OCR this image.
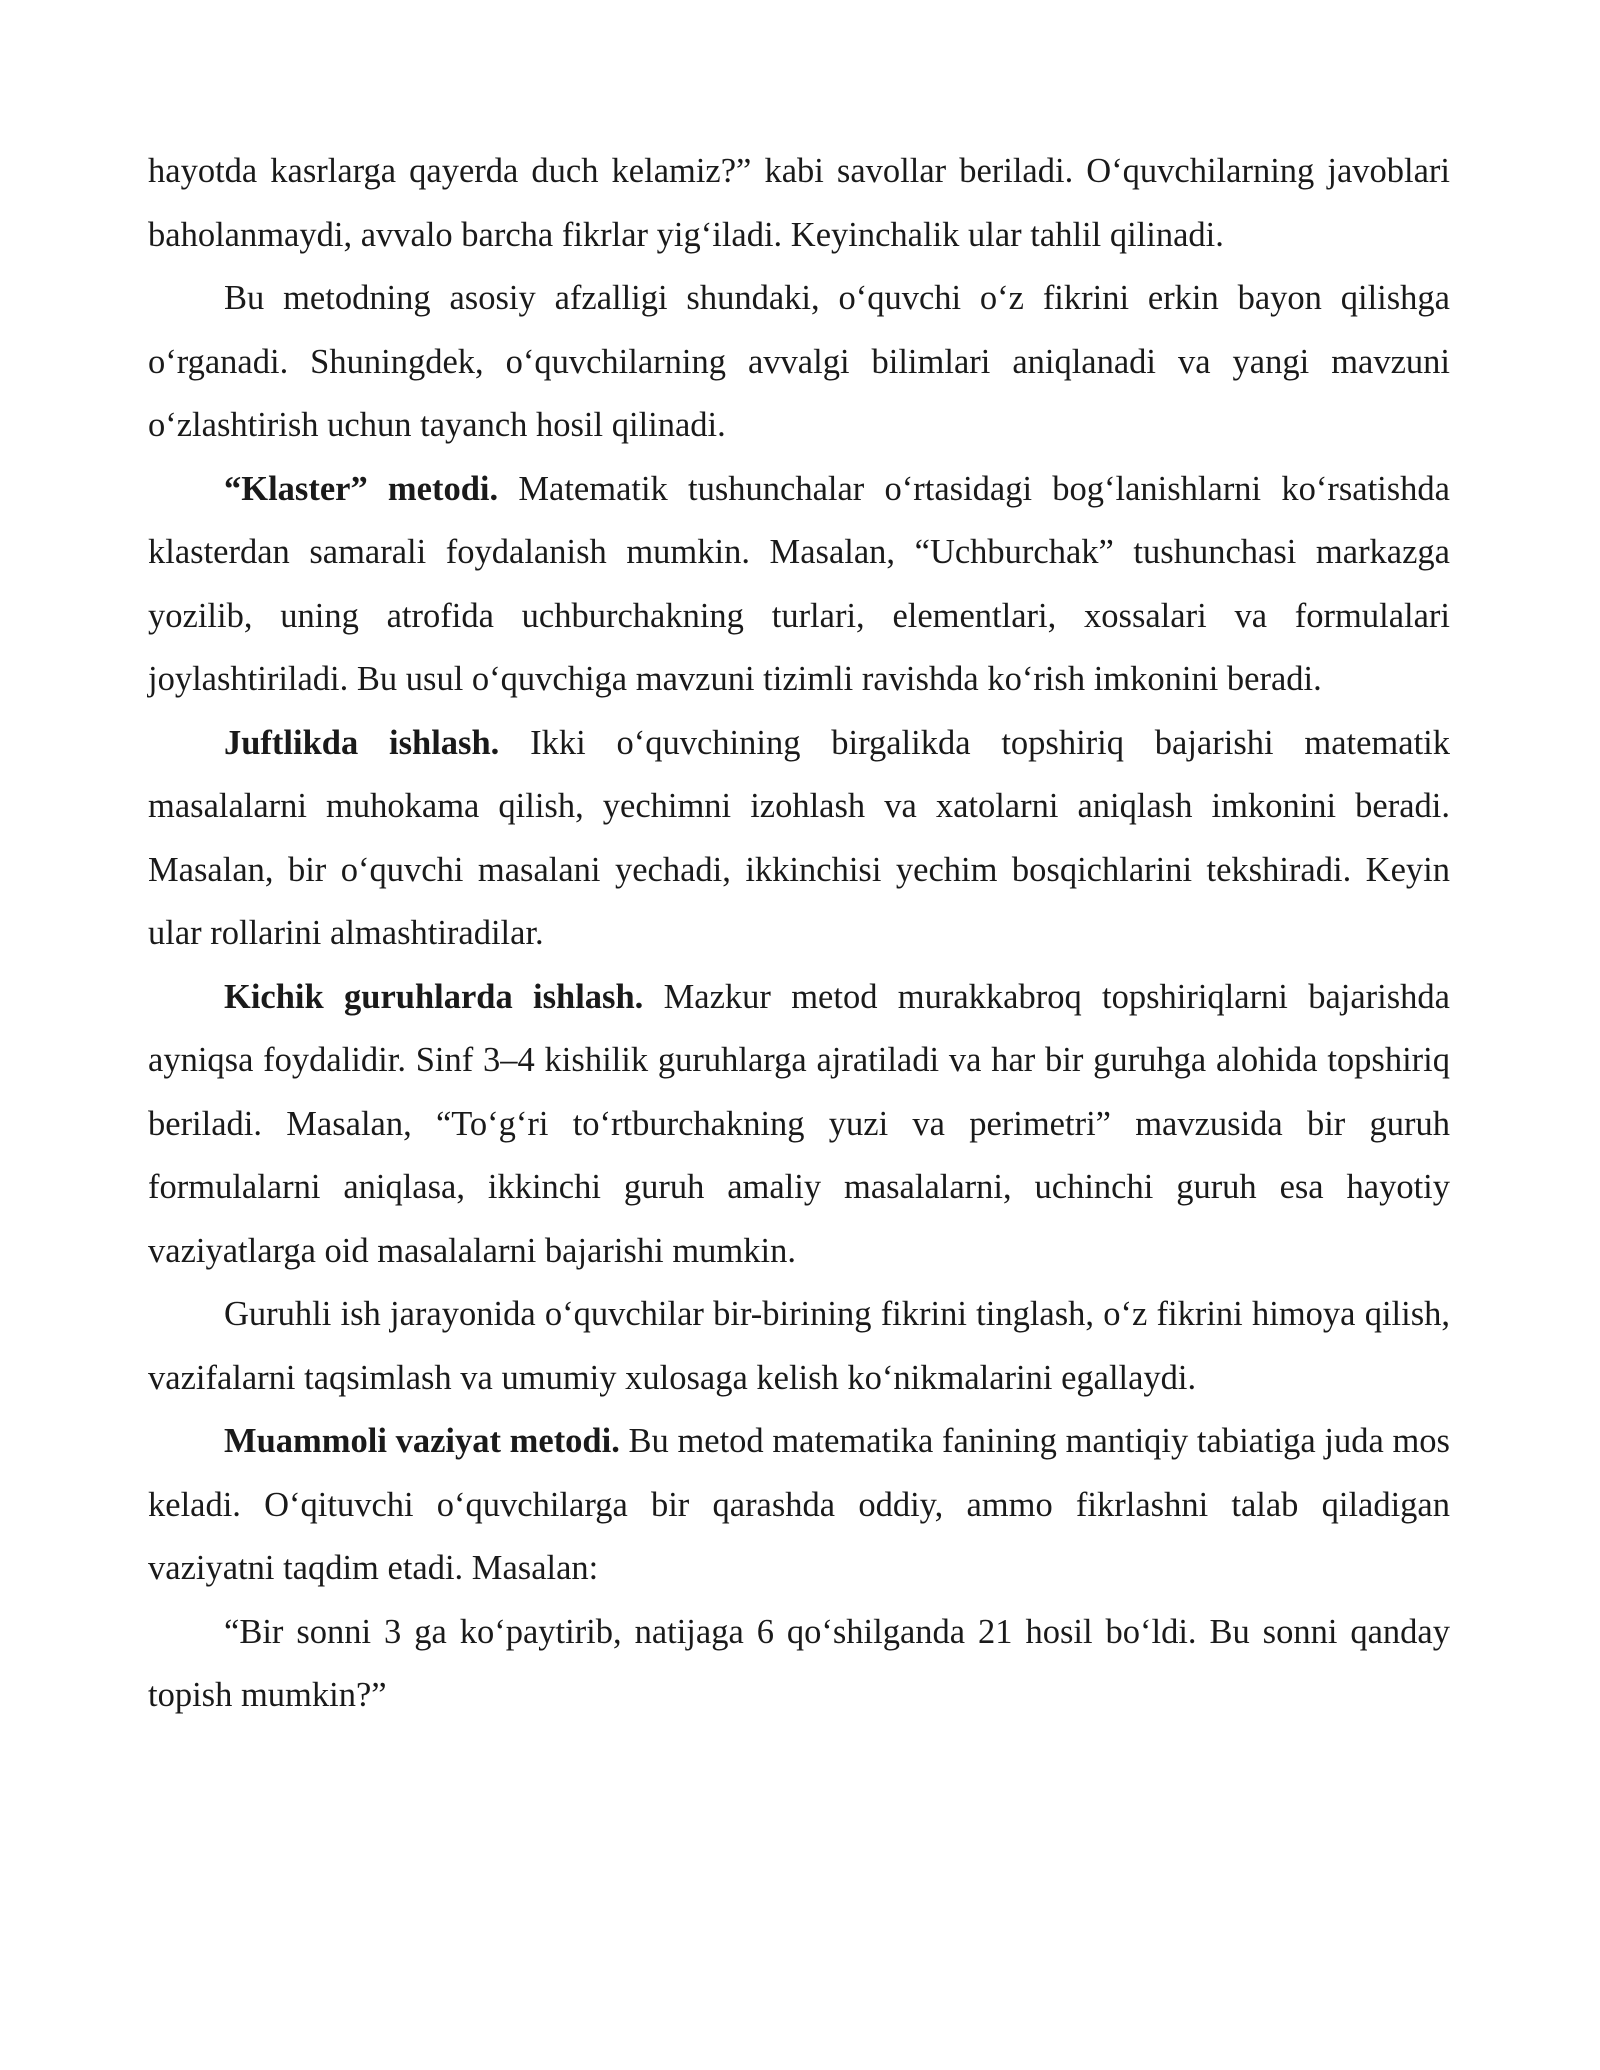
hayotda kasrlarga qayerda duch kelamiz?” kabi savollar beriladi. O‘quvchilarning javoblari baholanmaydi, avvalo barcha fikrlar yig‘iladi. Keyinchalik ular tahlil qilinadi.

Bu metodning asosiy afzalligi shundaki, o‘quvchi o‘z fikrini erkin bayon qilishga o‘rganadi. Shuningdek, o‘quvchilarning avvalgi bilimlari aniqlanadi va yangi mavzuni o‘zlashtirish uchun tayanch hosil qilinadi.

“Klaster” metodi. Matematik tushunchalar o‘rtasidagi bog‘lanishlarni ko‘rsatishda klasterdan samarali foydalanish mumkin. Masalan, “Uchburchak” tushunchasi markazga yozilib, uning atrofida uchburchakning turlari, elementlari, xossalari va formulalari joylashtiriladi. Bu usul o‘quvchiga mavzuni tizimli ravishda ko‘rish imkonini beradi.

Juftlikda ishlash. Ikki o‘quvchining birgalikda topshiriq bajarishi matematik masalalarni muhokama qilish, yechimni izohlash va xatolarni aniqlash imkonini beradi. Masalan, bir o‘quvchi masalani yechadi, ikkinchisi yechim bosqichlarini tekshiradi. Keyin ular rollarini almashtiradilar.

Kichik guruhlarda ishlash. Mazkur metod murakkabroq topshiriqlarni bajarishda ayniqsa foydalidir. Sinf 3–4 kishilik guruhlarga ajratiladi va har bir guruhga alohida topshiriq beriladi. Masalan, “To‘g‘ri to‘rtburchakning yuzi va perimetri” mavzusida bir guruh formulalarni aniqlasa, ikkinchi guruh amaliy masalalarni, uchinchi guruh esa hayotiy vaziyatlarga oid masalalarni bajarishi mumkin.

Guruhli ish jarayonida o‘quvchilar bir-birining fikrini tinglash, o‘z fikrini himoya qilish, vazifalarni taqsimlash va umumiy xulosaga kelish ko‘nikmalarini egallaydi.

Muammoli vaziyat metodi. Bu metod matematika fanining mantiqiy tabiatiga juda mos keladi. O‘qituvchi o‘quvchilarga bir qarashda oddiy, ammo fikrlashni talab qiladigan vaziyatni taqdim etadi. Masalan:

“Bir sonni 3 ga ko‘paytirib, natijaga 6 qo‘shilganda 21 hosil bo‘ldi. Bu sonni qanday topish mumkin?”
